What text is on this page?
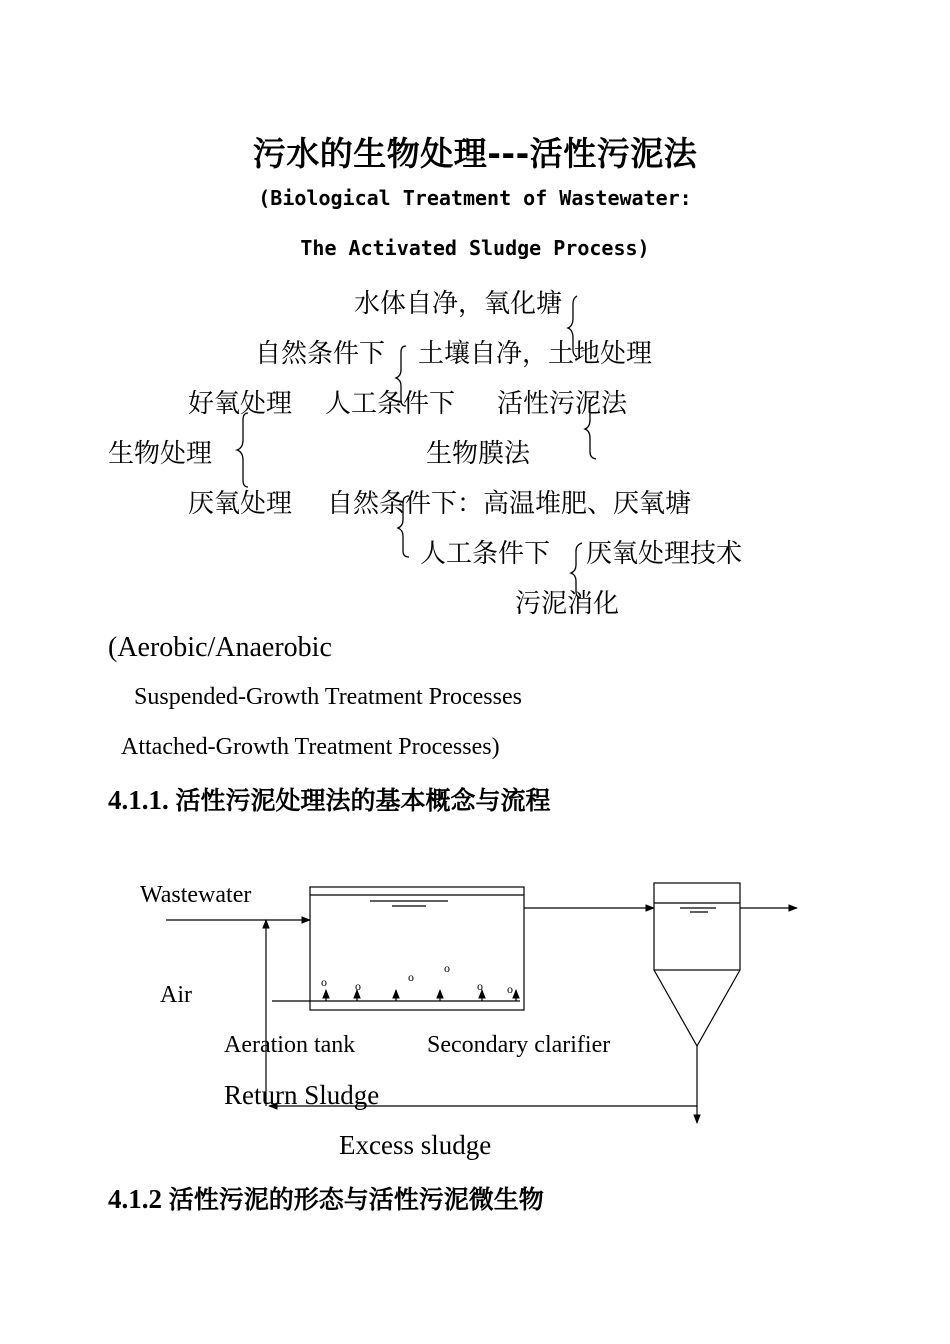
污水的生物处理---活性污泥法
(Biological Treatment of Wastewater:
The Activated Sludge Process)
水体自净，氧化塘
自然条件下 土壤自净，土地处理
好氧处理 人工条件下 活性污泥法
生物处理	生物膜法
厌氧处理 自然条件下：高温堆肥、厌氧塘
人工条件下 厌氧处理技术
污泥消化
(Aerobic/Anaerobic
Suspended-Growth Treatment Processes
Attached-Growth Treatment Processes)
4.1.1. 活性污泥处理法的基本概念与流程
Wastewater
Air
Aeration tank	Secondary clarifier
Return Sludge
Excess sludge
o o
o
o
o o
4.1.2 活性污泥的形态与活性污泥微生物
